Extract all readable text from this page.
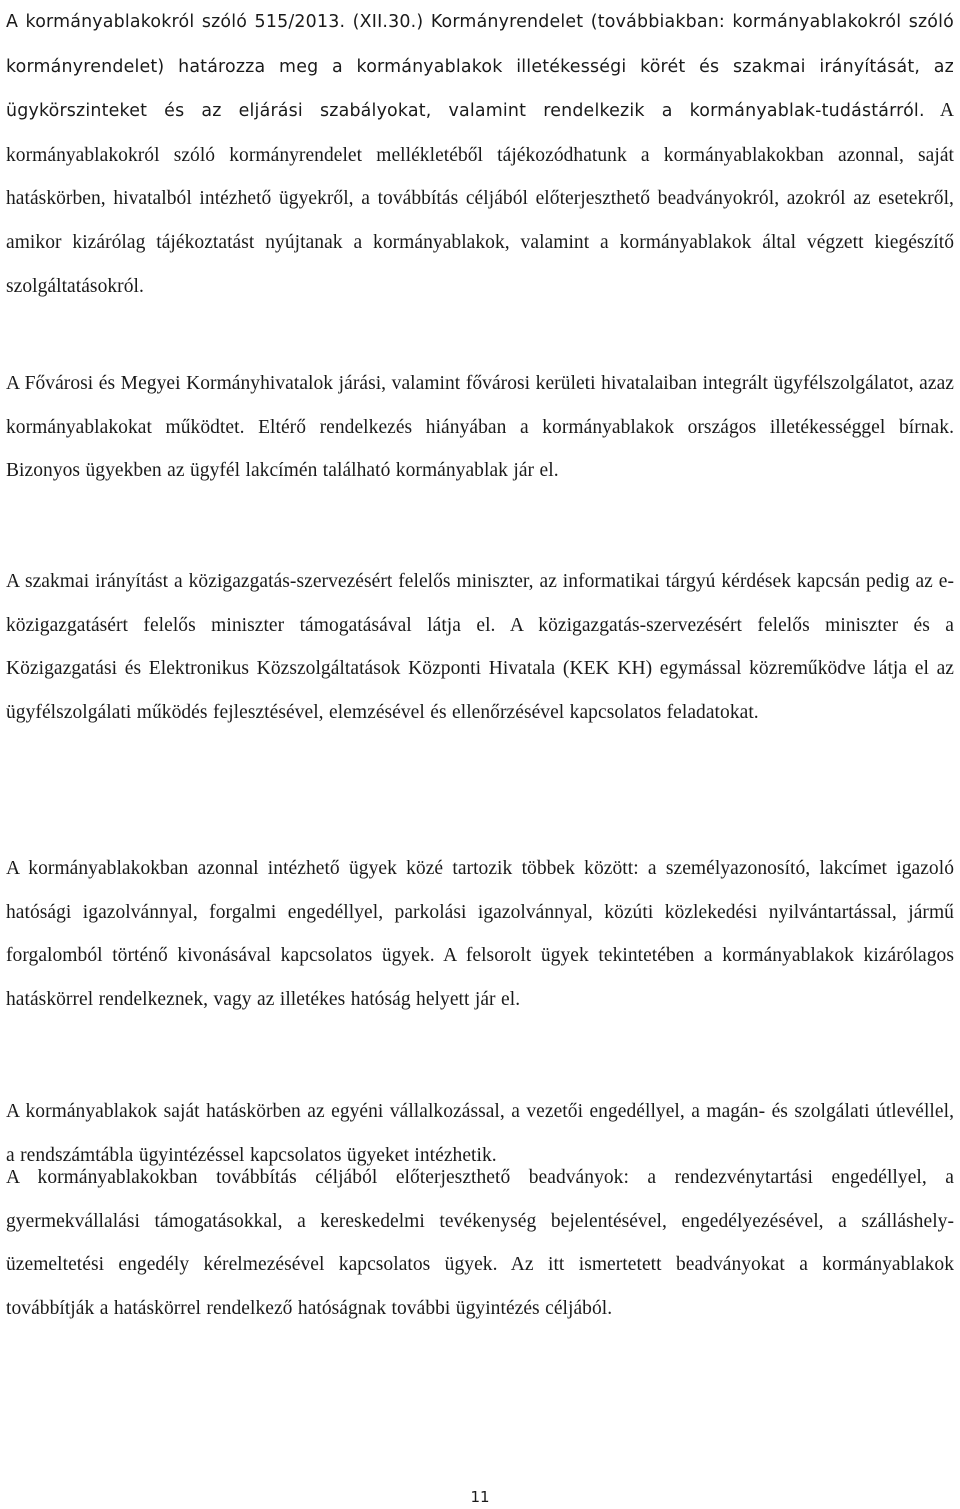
A kormányablakokról szóló 515/2013. (XII.30.) Kormányrendelet (továbbiakban: kormányablakokról szóló kormányrendelet) határozza meg a kormányablakok illetékességi körét és szakmai irányítását, az ügykörszinteket és az eljárási szabályokat, valamint rendelkezik a kormányablak-tudástárról. A kormányablakokról szóló kormányrendelet mellékletéből tájékozódhatunk a kormányablakokban azonnal, saját hatáskörben, hivatalból intézhető ügyekről, a továbbítás céljából előterjeszthető beadványokról, azokról az esetekről, amikor kizárólag tájékoztatást nyújtanak a kormányablakok, valamint a kormányablakok által végzett kiegészítő szolgáltatásokról.

A Fővárosi és Megyei Kormányhivatalok járási, valamint fővárosi kerületi hivatalaiban integrált ügyfélszolgálatot, azaz kormányablakokat működtet. Eltérő rendelkezés hiányában a kormányablakok országos illetékességgel bírnak. Bizonyos ügyekben az ügyfél lakcímén található kormányablak jár el.

A szakmai irányítást a közigazgatás-szervezésért felelős miniszter, az informatikai tárgyú kérdések kapcsán pedig az e-közigazgatásért felelős miniszter támogatásával látja el. A közigazgatás-szervezésért felelős miniszter és a Közigazgatási és Elektronikus Közszolgáltatások Központi Hivatala (KEK KH) egymással közreműködve látja el az ügyfélszolgálati működés fejlesztésével, elemzésével és ellenőrzésével kapcsolatos feladatokat.

A kormányablakokban azonnal intézhető ügyek közé tartozik többek között: a személyazonosító, lakcímet igazoló hatósági igazolvánnyal, forgalmi engedéllyel, parkolási igazolvánnyal, közúti közlekedési nyilvántartással, jármű forgalomból történő kivonásával kapcsolatos ügyek. A felsorolt ügyek tekintetében a kormányablakok kizárólagos hatáskörrel rendelkeznek, vagy az illetékes hatóság helyett jár el.

A kormányablakok saját hatáskörben az egyéni vállalkozással, a vezetői engedéllyel, a magán- és szolgálati útlevéllel, a rendszámtábla ügyintézéssel kapcsolatos ügyeket intézhetik.

A kormányablakokban továbbítás céljából előterjeszthető beadványok: a rendezvénytartási engedéllyel, a gyermekvállalási támogatásokkal, a kereskedelmi tevékenység bejelentésével, engedélyezésével, a szálláshely-üzemeltetési engedély kérelmezésével kapcsolatos ügyek. Az itt ismertetett beadványokat a kormányablakok továbbítják a hatáskörrel rendelkező hatóságnak további ügyintézés céljából.

11
